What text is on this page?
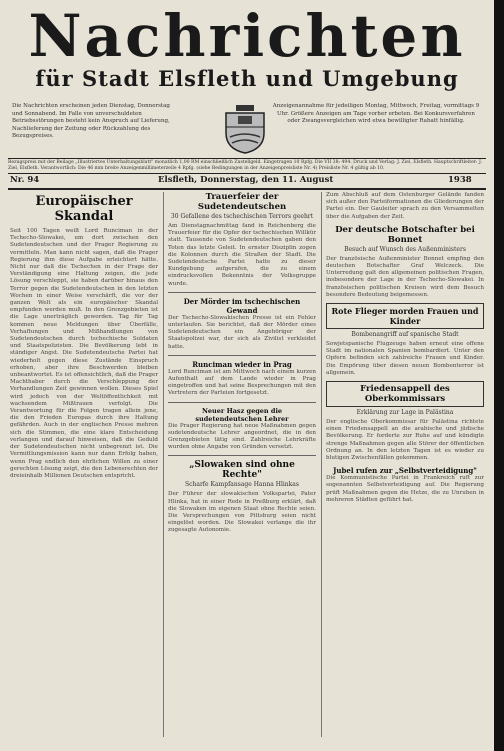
Nachrichten
für Stadt Elsfleth und Umgebung
Die Nachrichten erscheinen jeden Dienstag, Donnerstag und Sonnabend. Im Falle von unverschuldeten Betriebsstörungen besteht kein Anspruch auf Lieferung, Nachlieferung der Zeitung oder Rückzahlung des Bezugspreises.
Anzeigenannahme für jedeiligen Montag, Mittwoch, Freitag, vormittags 9 Uhr. Größere Anzeigen am Tage vorher erbeten. Bei Konkursverfahren oder Zwangsvergleichen wird etwa bewilligter Rabatt hinfällig.
Bezugspreis mit der Beilage „Illustriertes Unterhaltungsblatt" monatlich 1,00 RM einschließlich Zustellgeld. Eingetragen 10 Rpfg. Die VII 38: 494. Druck und Verlag: J. Ziel, Elsfleth. Hauptschriftleiter: J. Ziel, Elsfleth. Verantwortlich: Die 46 mm breite Anzeigenmillimeterzeile 4 Rpfg. (siehe Bedingungen in der Anzeigenpreisliste Nr. 4) Preisliste Nr. 4 gültig ab 10.
Nr. 94	Elsfleth, Donnerstag, den 11. August	1938
Europäischer Skandal

Seit 100 Tagen weilt Lord Runciman in der Tschecho-Slowakei, um dort zwischen den Sudetendeutschen und der Prager Regierung zu vermitteln. Man kann nicht sagen, daß die Prager Regierung ihm diese Aufgabe erleichtert hätte. Nicht nur daß die Tschechen in der Frage der Verständigung eine Haltung zeigen, die jede Lösung verschleppt, sie haben darüber hinaus den Terror gegen die Sudetendeutschen in den letzten Wochen in einer Weise verschärft, die vor der ganzen Welt als ein europäischer Skandal empfunden werden muß. In den Grenzgebieten ist die Lage unerträglich geworden. Tag für Tag kommen neue Meldungen über Überfälle, Verhaftungen und Mißhandlungen von Sudetendeutschen durch tschechische Soldaten und Staatspolizisten. Die Bevölkerung lebt in ständiger Angst. Die Sudetendeutsche Partei hat wiederholt gegen diese Zustände Einspruch erhoben, aber ihre Beschwerden bleiben unbeantwortet. Es ist offensichtlich, daß die Prager Machthaber durch die Verschleppung der Verhandlungen Zeit gewinnen wollen. Dieses Spiel wird jedoch von der Weltöffentlichkeit mit wachsendem Mißtrauen verfolgt. Die Verantwortung für die Folgen tragen allein jene, die den Frieden Europas durch ihre Haltung gefährden. Auch in der englischen Presse mehren sich die Stimmen, die eine klare Entscheidung verlangen und darauf hinweisen, daß die Geduld der Sudetendeutschen nicht unbegrenzt ist. Die Vermittlungsmission kann nur dann Erfolg haben, wenn Prag endlich den ehrlichen Willen zu einer gerechten Lösung zeigt, die den Lebensrechten der dreieinhalb Millionen Deutschen entspricht.

Trauerfeier der Sudetendeutschen
30 Gefallene des tschechischen Terrors geehrt

Am Dienstagnachmittag fand in Reichenberg die Trauerfeier für die Opfer der tschechischen Willkür statt. Tausende von Sudetendeutschen gaben den Toten das letzte Geleit. In ernster Disziplin zogen die Kolonnen durch die Straßen der Stadt. Die Sudetendeutsche Partei hatte zu dieser Kundgebung aufgerufen, die zu einem eindrucksvollen Bekenntnis der Volksgruppe wurde.

Der Mörder im tschechischen Gewand

Der Tschecho-Slowakischen Presse ist ein Fehler unterlaufen. Sie berichtet, daß der Mörder eines Sudetendeutschen ein Angehöriger der Staatspolizei war, der sich als Zivilist verkleidet hatte.

Runciman wieder in Prag

Lord Runciman ist am Mittwoch nach einem kurzen Aufenthalt auf dem Lande wieder in Prag eingetroffen und hat seine Besprechungen mit den Vertretern der Parteien fortgesetzt.

Neuer Hasz gegen die sudetendeutschen Lehrer

Die Prager Regierung hat neue Maßnahmen gegen sudetendeutsche Lehrer angeordnet, die in den Grenzgebieten tätig sind. Zahlreiche Lehrkräfte wurden ohne Angabe von Gründen versetzt.

„Slowaken sind ohne Rechte"
Scharfe Kampfansage Hanna Hlinkas

Der Führer der slowakischen Volkspartei, Pater Hlinka, hat in einer Rede in Preßburg erklärt, daß die Slowaken im eigenen Staat ohne Rechte seien. Die Versprechungen von Pittsburg seien nicht eingelöst worden. Die Slowakei verlange die ihr zugesagte Autonomie.

Zum Abschluß auf dem Ostenburger Gelände fanden sich außer den Parteiformationen die Gliederungen der Partei ein. Der Gauleiter sprach zu den Versammelten über die Aufgaben der Zeit.

Der deutsche Botschafter bei Bonnet
Besuch auf Wunsch des Außenministers

Der französische Außenminister Bonnet empfing den deutschen Botschafter Graf Welczeck. Die Unterredung galt den allgemeinen politischen Fragen, insbesondere der Lage in der Tschecho-Slowakei. In französischen politischen Kreisen wird dem Besuch besondere Bedeutung beigemessen.

Rote Flieger morden Frauen und Kinder
Bombenangriff auf spanische Stadt

Sowjetspanische Flugzeuge haben erneut eine offene Stadt im nationalen Spanien bombardiert. Unter den Opfern befinden sich zahlreiche Frauen und Kinder. Die Empörung über diesen neuen Bombenterror ist allgemein.

Friedensappell des Oberkommissars
Erklärung zur Lage in Palästina

Der englische Oberkommissar für Palästina richtete einen Friedensappell an die arabische und jüdische Bevölkerung. Er forderte zur Ruhe auf und kündigte strenge Maßnahmen gegen alle Störer der öffentlichen Ordnung an. In den letzten Tagen ist es wieder zu blutigen Zwischenfällen gekommen.

Jubel rufen zur „Selbstverteidigung"

Die Kommunistische Partei in Frankreich ruft zur sogenannten Selbstverteidigung auf. Die Regierung prüft Maßnahmen gegen die Hetze, die zu Unruhen in mehreren Städten geführt hat.
